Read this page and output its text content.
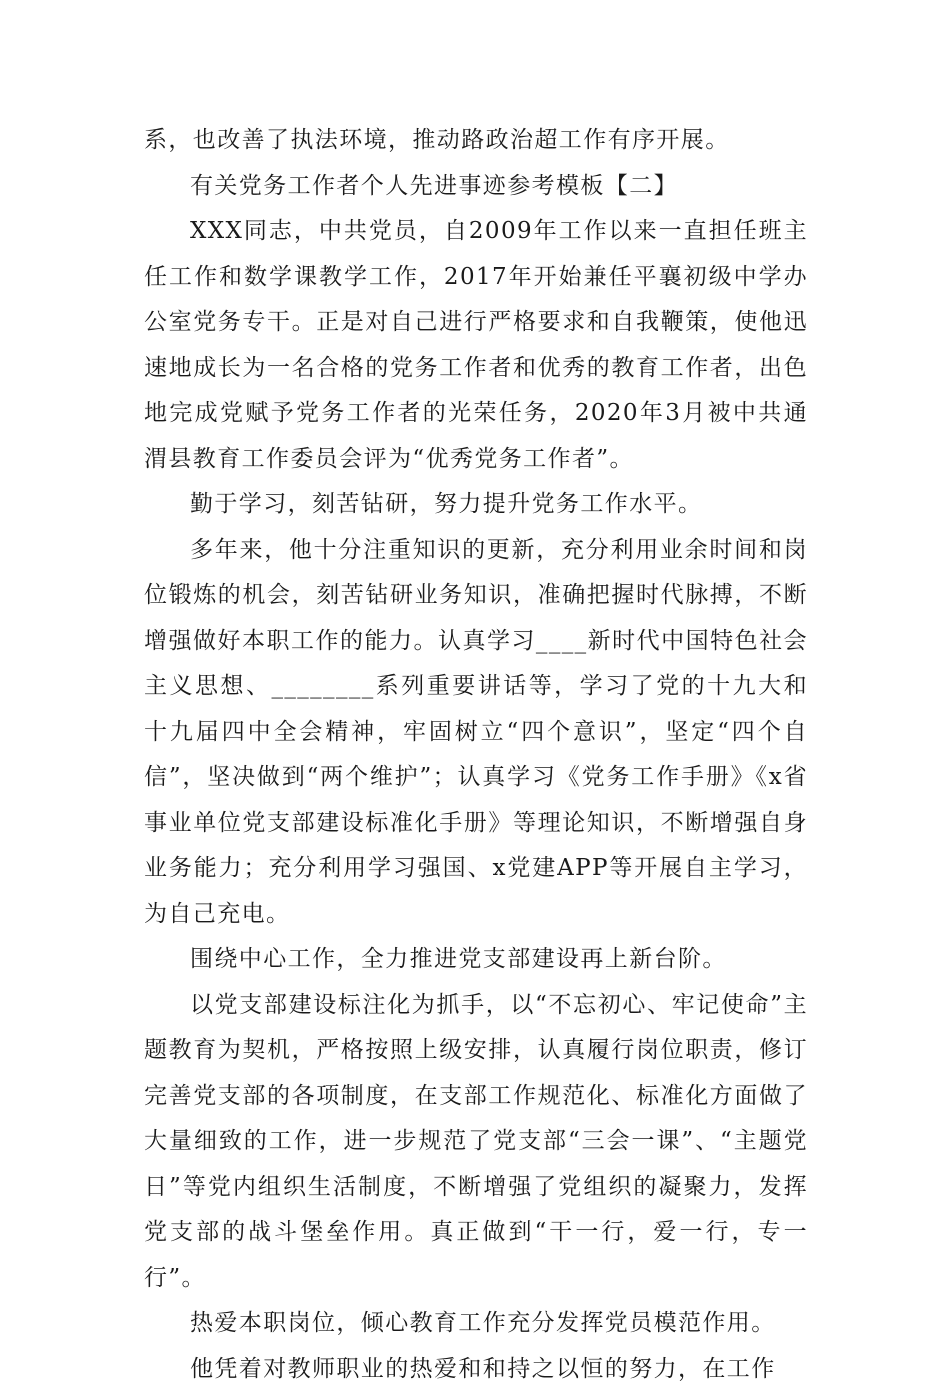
系，也改善了执法环境，推动路政治超工作有序开展。

有关党务工作者个人先进事迹参考模板【二】

XXX同志，中共党员，自2009年工作以来一直担任班主任工作和数学课教学工作，2017年开始兼任平襄初级中学办公室党务专干。正是对自己进行严格要求和自我鞭策，使他迅速地成长为一名合格的党务工作者和优秀的教育工作者，出色地完成党赋予党务工作者的光荣任务，2020年3月被中共通渭县教育工作委员会评为“优秀党务工作者”。

勤于学习，刻苦钻研，努力提升党务工作水平。

多年来，他十分注重知识的更新，充分利用业余时间和岗位锻炼的机会，刻苦钻研业务知识，准确把握时代脉搏，不断增强做好本职工作的能力。认真学习____新时代中国特色社会主义思想、________系列重要讲话等，学习了党的十九大和十九届四中全会精神，牢固树立“四个意识”，坚定“四个自信”，坚决做到“两个维护”；认真学习《党务工作手册》《x省事业单位党支部建设标准化手册》等理论知识，不断增强自身业务能力；充分利用学习强国、x党建APP等开展自主学习，为自己充电。

围绕中心工作，全力推进党支部建设再上新台阶。

以党支部建设标注化为抓手，以“不忘初心、牢记使命”主题教育为契机，严格按照上级安排，认真履行岗位职责，修订完善党支部的各项制度，在支部工作规范化、标准化方面做了大量细致的工作，进一步规范了党支部“三会一课”、“主题党日”等党内组织生活制度，不断增强了党组织的凝聚力，发挥党支部的战斗堡垒作用。真正做到“干一行，爱一行，专一行”。

热爱本职岗位，倾心教育工作充分发挥党员模范作用。

他凭着对教师职业的热爱和和持之以恒的努力，在工作
